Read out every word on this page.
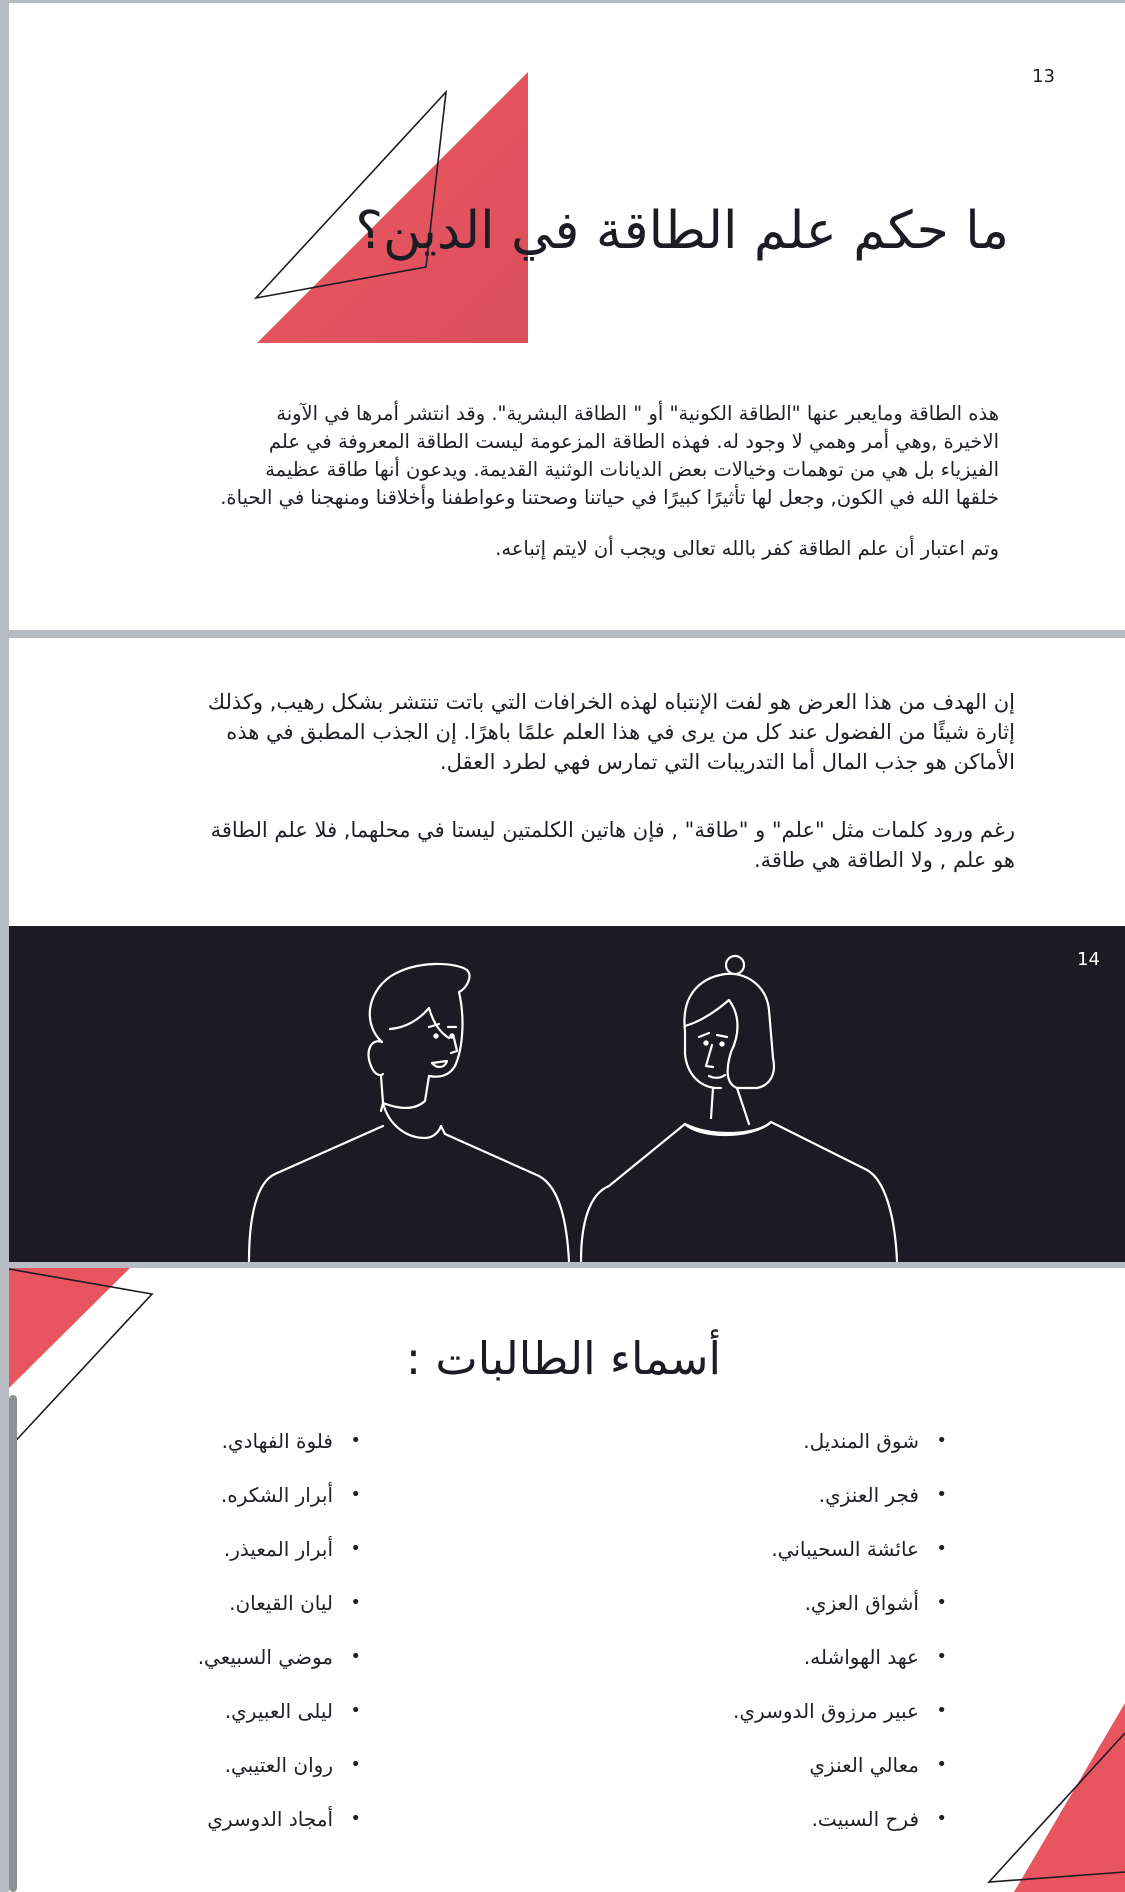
13
ما حكم علم الطاقة في الدين؟

هذه الطاقة ومايعبر عنها "الطاقة الكونية" أو " الطاقة البشرية". وقد انتشر أمرها في الآونة الاخيرة ,وهي أمر وهمي لا وجود له. فهذه الطاقة المزعومة ليست الطاقة المعروفة في علم الفيزياء بل هي من توهمات وخيالات بعض الديانات الوثنية القديمة. ويدعون أنها طاقة عظيمة خلقها الله في الكون, وجعل لها تأثيرًا كبيرًا في حياتنا وصحتنا وعواطفنا وأخلاقنا ومنهجنا في الحياة.

وتم اعتبار أن علم الطاقة كفر بالله تعالى ويجب أن لايتم إتباعه.

إن الهدف من هذا العرض هو لفت الإنتباه لهذه الخرافات التي باتت تنتشر بشكل رهيب, وكذلك إثارة شيئًا من الفضول عند كل من يرى في هذا العلم علمًا باهرًا. إن الجذب المطبق في هذه الأماكن هو جذب المال أما التدريبات التي تمارس فهي لطرد العقل.

رغم ورود كلمات مثل "علم" و "طاقة" , فإن هاتين الكلمتين ليستا في محلهما, فلا علم الطاقة هو علم , ولا الطاقة هي طاقة.

14
أسماء الطالبات :
• شوق المنديل.
• فجر العنزي.
• عائشة السحيباني.
• أشواق العزي.
• عهد الهواشله.
• عبير مرزوق الدوسري.
• معالي العنزي
• فرح السبيت.
• فلوة الفهادي.
• أبرار الشكره.
• أبرار المعيذر.
• ليان القيعان.
• موضي السبيعي.
• ليلى العبيري.
• روان العتيبي.
• أمجاد الدوسري
